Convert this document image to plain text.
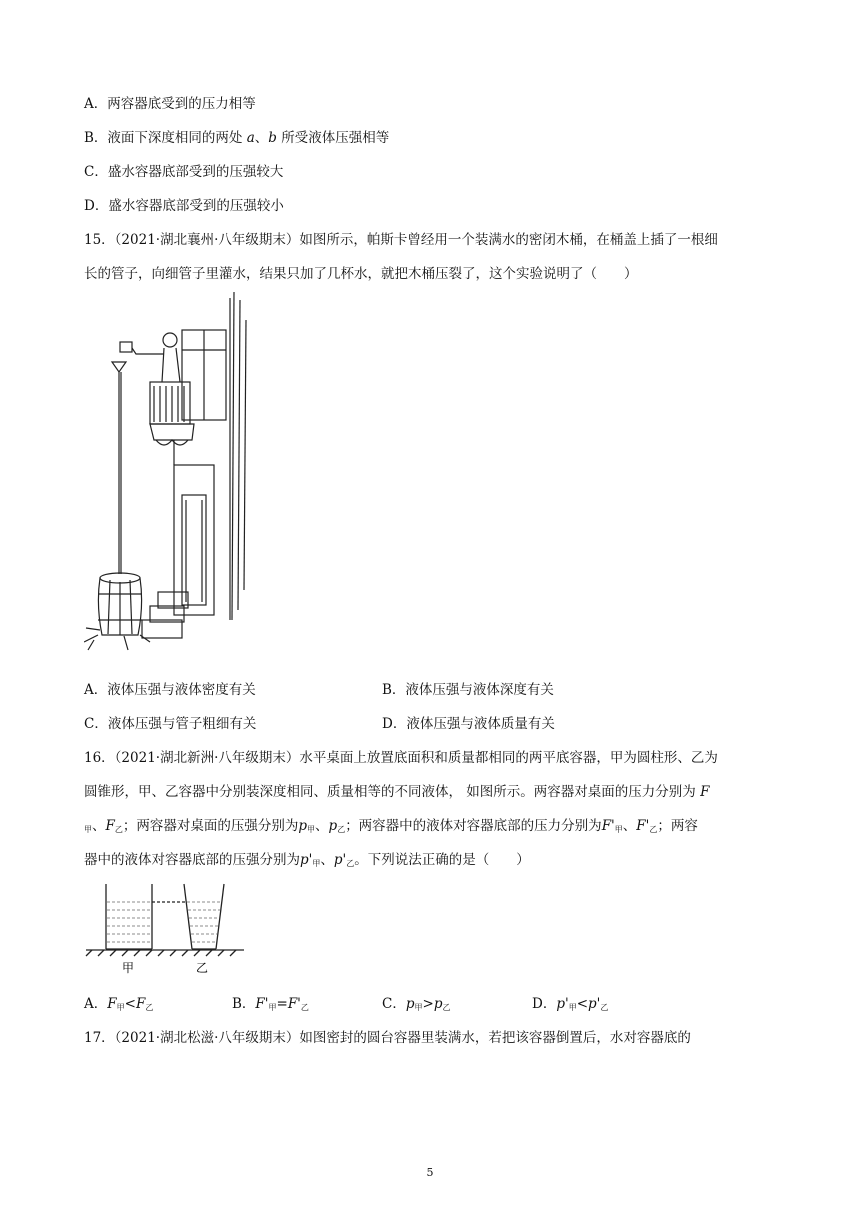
A．两容器底受到的压力相等
B．液面下深度相同的两处 a、b 所受液体压强相等
C．盛水容器底部受到的压强较大
D．盛水容器底部受到的压强较小
15．（2021·湖北襄州·八年级期末）如图所示，帕斯卡曾经用一个装满水的密闭木桶，在桶盖上插了一根细
长的管子，向细管子里灌水，结果只加了几杯水，就把木桶压裂了，这个实验说明了（　　）
A．液体压强与液体密度有关	B．液体压强与液体深度有关
C．液体压强与管子粗细有关	D．液体压强与液体质量有关
16．（2021·湖北新洲·八年级期末）水平桌面上放置底面积和质量都相同的两平底容器，甲为圆柱形、乙为
圆锥形，甲、乙容器中分别装深度相同、质量相等的不同液体， 如图所示。两容器对桌面的压力分别为 F
$_甲$、$F_乙$；两容器对桌面的压强分别为$p_甲$、$p_乙$；两容器中的液体对容器底部的压力分别为$F'_甲$、$F'_乙$；两容
器中的液体对容器底部的压强分别为$p'_甲$、$p'_乙$。下列说法正确的是（　　）
甲	乙
A．$F_甲<F_乙$	B．$F'_甲=F'_乙$	C．$p_甲>p_乙$	D．$p'_甲<p'_乙$
17．（2021·湖北松滋·八年级期末）如图密封的圆台容器里装满水，若把该容器倒置后，水对容器底的
5
